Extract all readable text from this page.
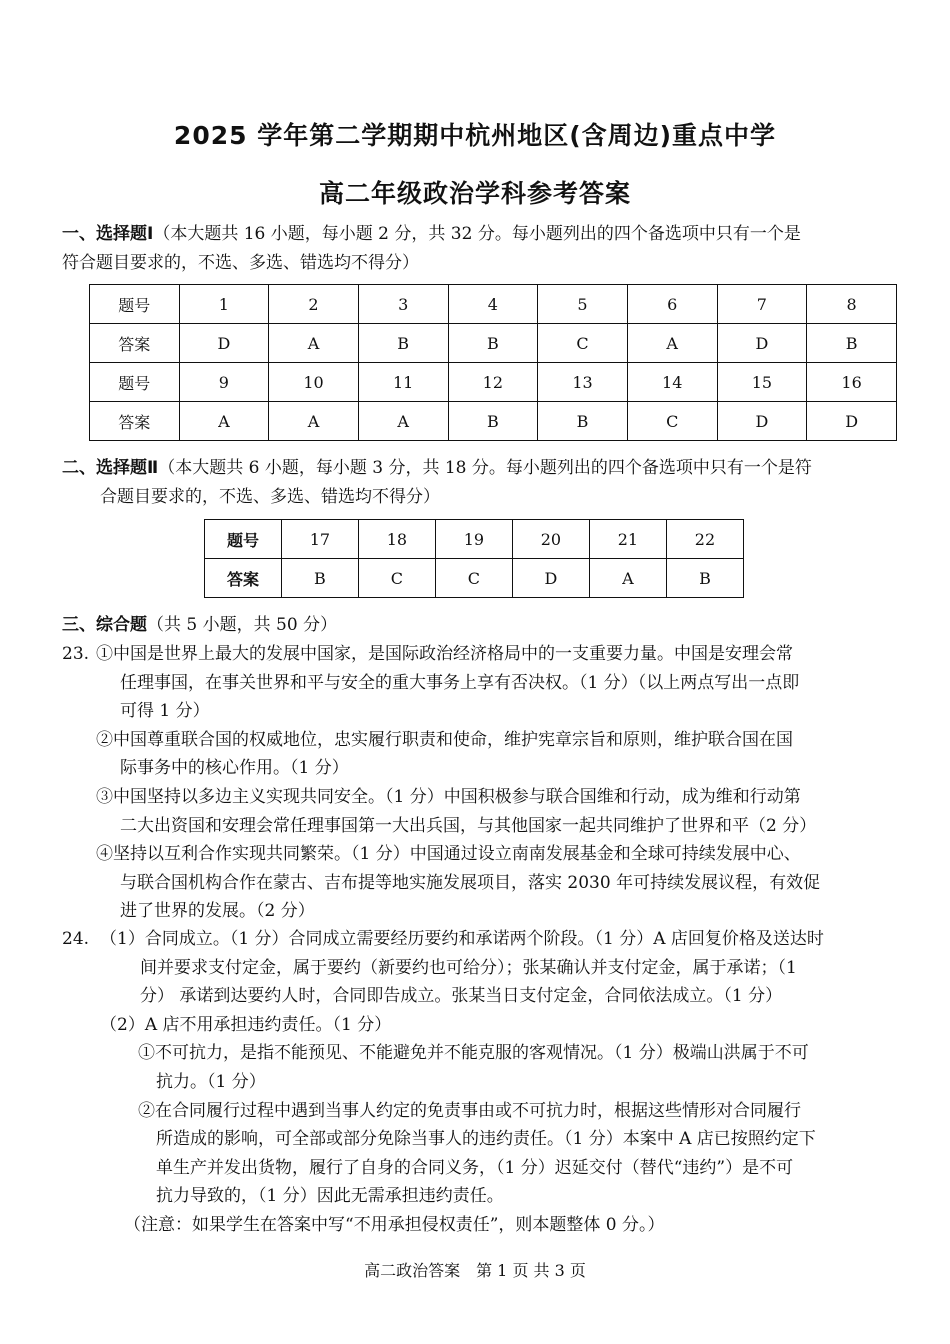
2025 学年第二学期期中杭州地区(含周边)重点中学
高二年级政治学科参考答案
一、选择题Ⅰ（本大题共 16 小题，每小题 2 分，共 32 分。每小题列出的四个备选项中只有一个是
符合题目要求的，不选、多选、错选均不得分）
题号	1	2	3	4	5	6	7	8
答案	D	A	B	B	C	A	D	B
题号	9	10	11	12	13	14	15	16
答案	A	A	A	B	B	C	D	D
二、选择题Ⅱ（本大题共 6 小题，每小题 3 分，共 18 分。每小题列出的四个备选项中只有一个是符
合题目要求的，不选、多选、错选均不得分）
题号	17	18	19	20	21	22
答案	B	C	C	D	A	B
三、综合题（共 5 小题，共 50 分）
23. ①中国是世界上最大的发展中国家，是国际政治经济格局中的一支重要力量。中国是安理会常
任理事国，在事关世界和平与安全的重大事务上享有否决权。（1 分）（以上两点写出一点即
可得 1 分）
②中国尊重联合国的权威地位，忠实履行职责和使命，维护宪章宗旨和原则，维护联合国在国
际事务中的核心作用。（1 分）
③中国坚持以多边主义实现共同安全。（1 分）中国积极参与联合国维和行动，成为维和行动第
二大出资国和安理会常任理事国第一大出兵国，与其他国家一起共同维护了世界和平（2 分）
④坚持以互利合作实现共同繁荣。（1 分）中国通过设立南南发展基金和全球可持续发展中心、
与联合国机构合作在蒙古、吉布提等地实施发展项目，落实 2030 年可持续发展议程，有效促
进了世界的发展。（2 分）
24. （1）合同成立。（1 分）合同成立需要经历要约和承诺两个阶段。（1 分）A 店回复价格及送达时
间并要求支付定金，属于要约（新要约也可给分）；张某确认并支付定金，属于承诺；（1
分） 承诺到达要约人时，合同即告成立。张某当日支付定金，合同依法成立。（1 分）
（2）A 店不用承担违约责任。（1 分）
①不可抗力，是指不能预见、不能避免并不能克服的客观情况。（1 分）极端山洪属于不可
抗力。（1 分）
②在合同履行过程中遇到当事人约定的免责事由或不可抗力时，根据这些情形对合同履行
所造成的影响，可全部或部分免除当事人的违约责任。（1 分）本案中 A 店已按照约定下
单生产并发出货物，履行了自身的合同义务，（1 分）迟延交付（替代“违约”）是不可
抗力导致的，（1 分）因此无需承担违约责任。
（注意：如果学生在答案中写“不用承担侵权责任”，则本题整体 0 分。）
高二政治答案　第 1 页 共 3 页
